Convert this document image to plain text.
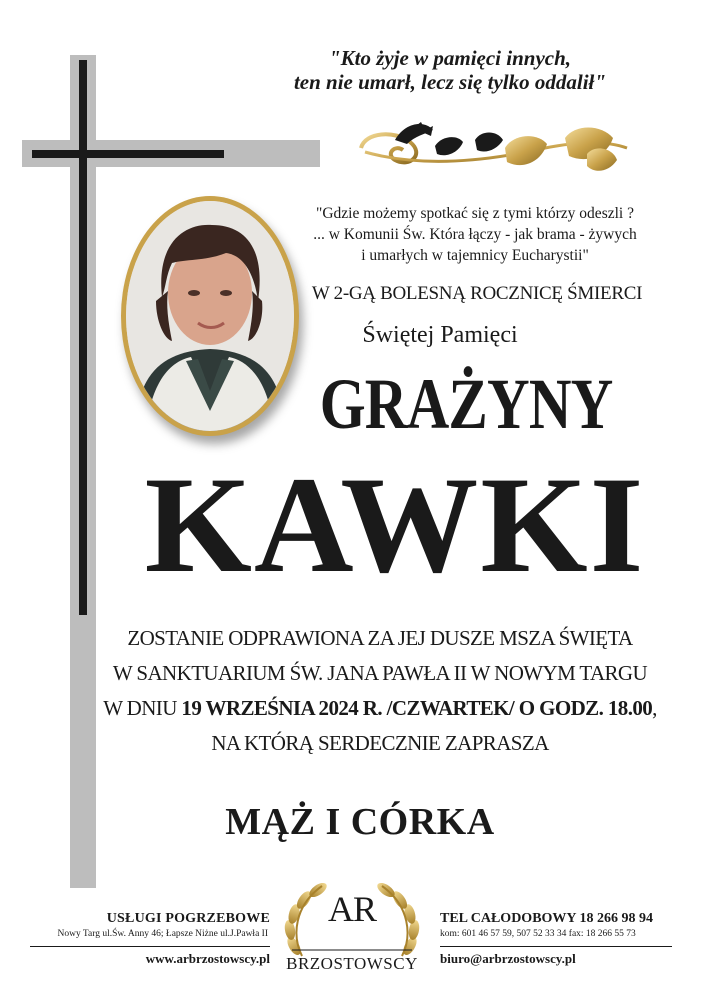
"Kto żyje w pamięci innych,
ten nie umarł, lecz się tylko oddalił"
"Gdzie możemy spotkać się z tymi którzy odeszli ?
... w Komunii Św. Która łączy - jak brama - żywych
i umarłych w tajemnicy Eucharystii"
W 2-GĄ BOLESNĄ ROCZNICĘ ŚMIERCI
Świętej Pamięci
GRAŻYNY
KAWKI
ZOSTANIE ODPRAWIONA ZA JEJ DUSZE MSZA ŚWIĘTA
W SANKTUARIUM ŚW. JANA PAWŁA II W NOWYM TARGU
W DNIU 19 WRZEŚNIA 2024 R. /CZWARTEK/ O GODZ. 18.00,
NA KTÓRĄ SERDECZNIE ZAPRASZA
MĄŻ I CÓRKA
USŁUGI POGRZEBOWE
Nowy Targ ul.Św. Anny 46; Łapsze Niżne ul.J.Pawła II
www.arbrzostowscy.pl
AR
BRZOSTOWSCY
TEL CAŁODOBOWY 18 266 98 94
kom: 601 46 57 59, 507 52 33 34 fax: 18 266 55 73
biuro@arbrzostowscy.pl
